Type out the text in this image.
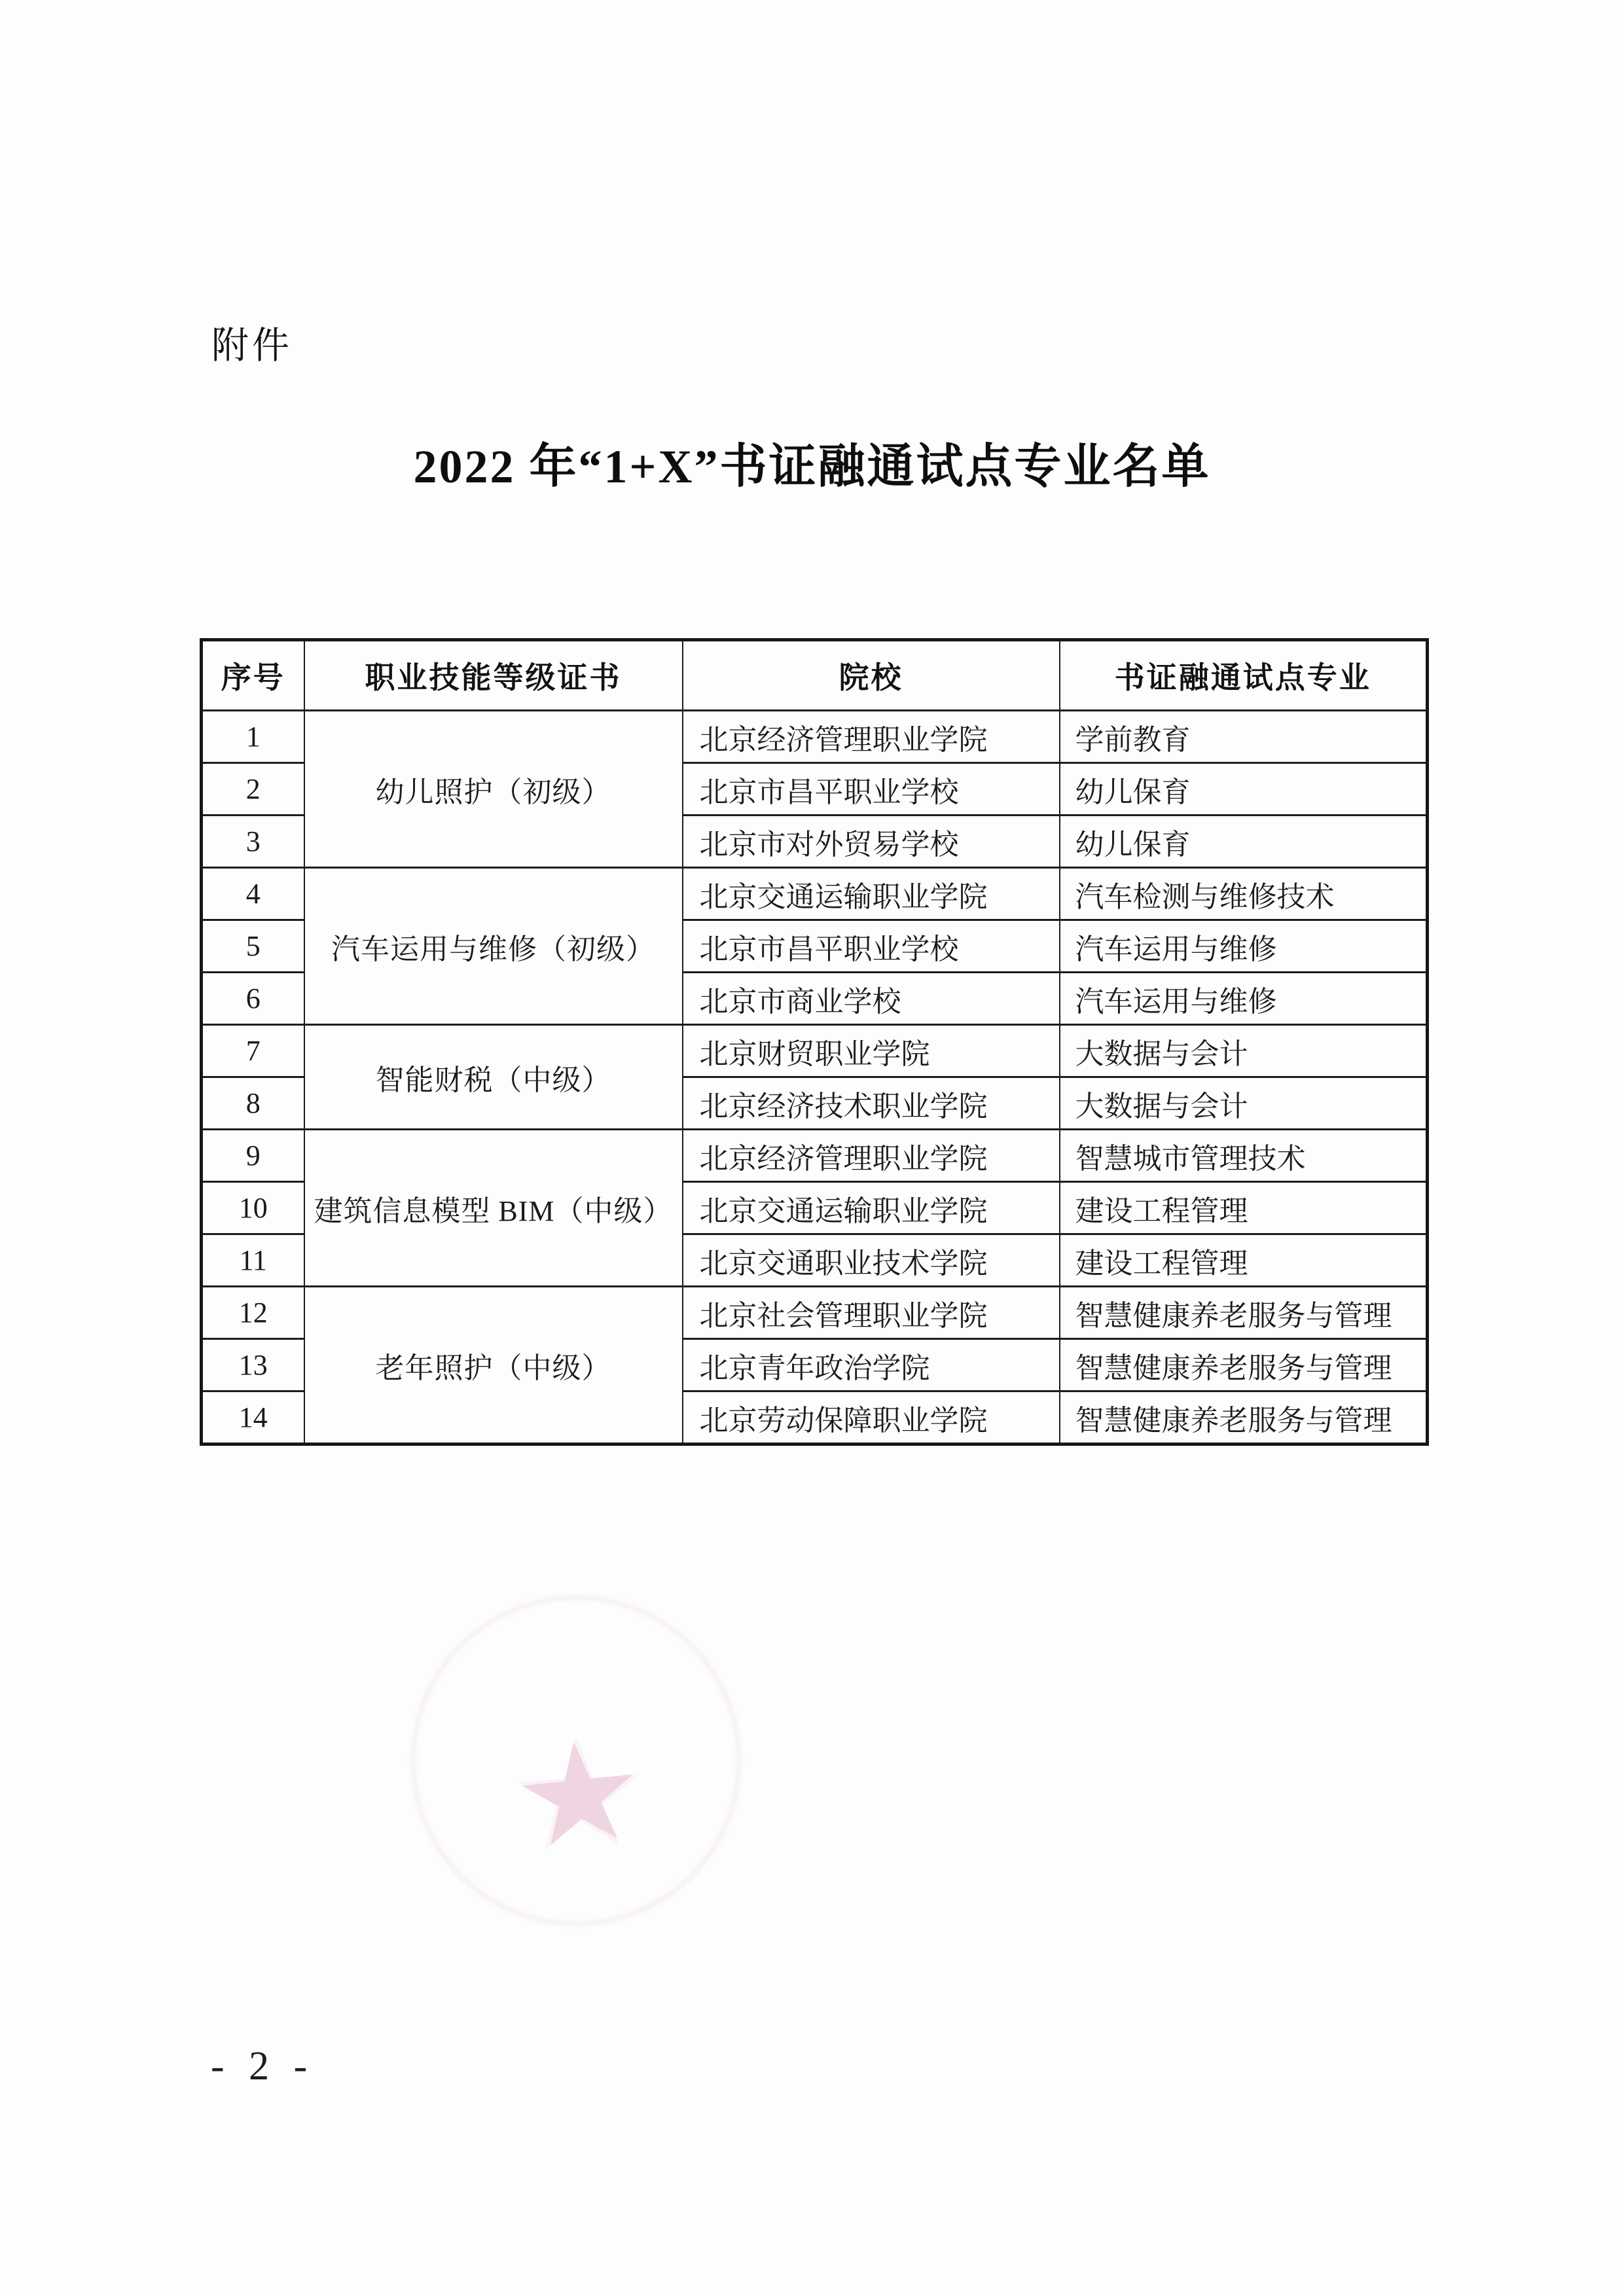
附件
2022 年“1+X”书证融通试点专业名单
序号	职业技能等级证书	院校	书证融通试点专业
1	幼儿照护（初级）	北京经济管理职业学院	学前教育
2		北京市昌平职业学校	幼儿保育
3		北京市对外贸易学校	幼儿保育
4	汽车运用与维修（初级）	北京交通运输职业学院	汽车检测与维修技术
5		北京市昌平职业学校	汽车运用与维修
6		北京市商业学校	汽车运用与维修
7	智能财税（中级）	北京财贸职业学院	大数据与会计
8		北京经济技术职业学院	大数据与会计
9	建筑信息模型 BIM（中级）	北京经济管理职业学院	智慧城市管理技术
10		北京交通运输职业学院	建设工程管理
11		北京交通职业技术学院	建设工程管理
12	老年照护（中级）	北京社会管理职业学院	智慧健康养老服务与管理
13		北京青年政治学院	智慧健康养老服务与管理
14		北京劳动保障职业学院	智慧健康养老服务与管理
- 2 -
